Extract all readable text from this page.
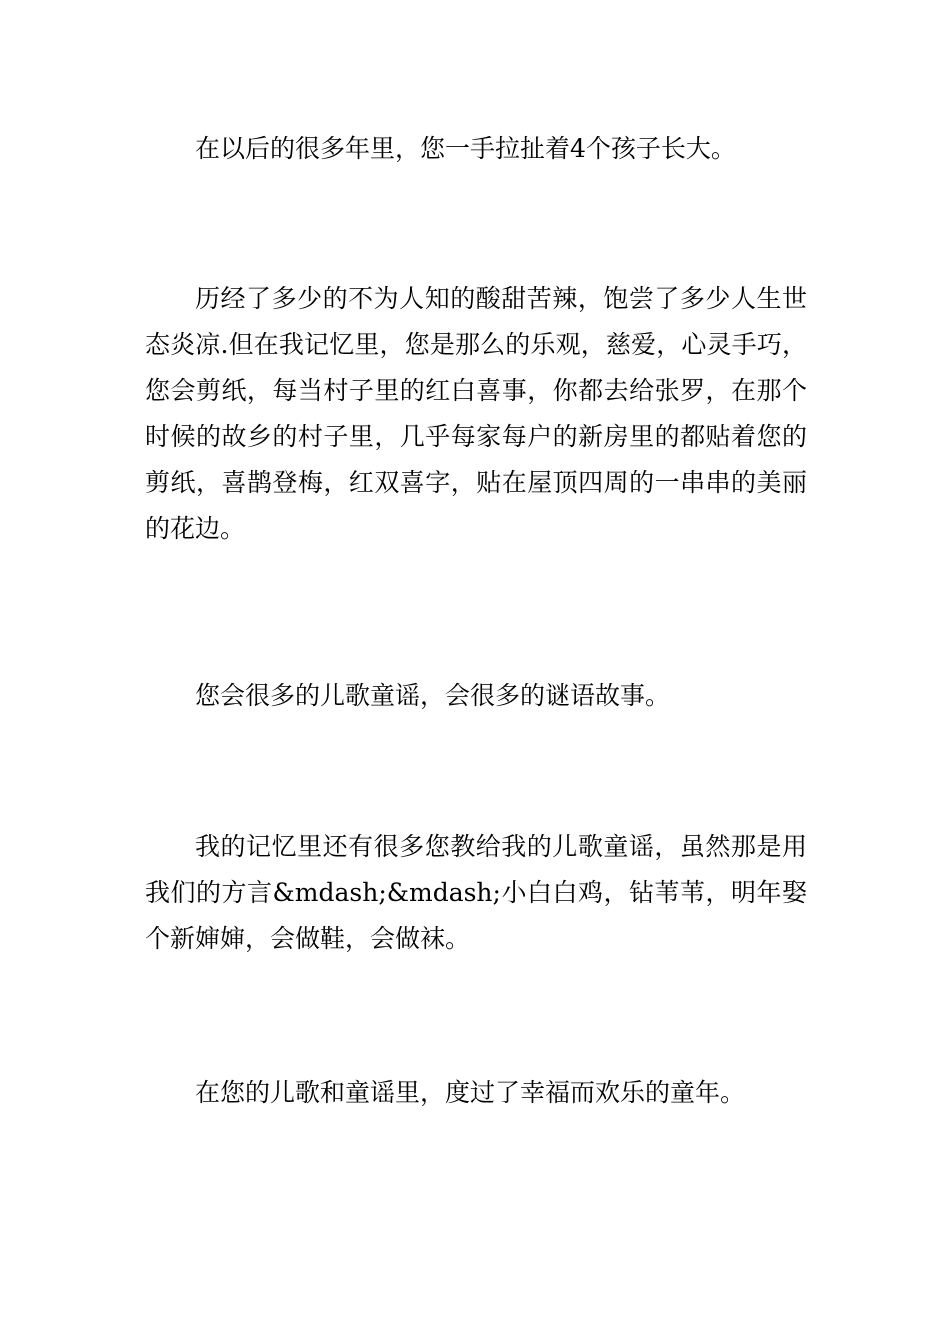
在以后的很多年里，您一手拉扯着4个孩子长大。

历经了多少的不为人知的酸甜苦辣，饱尝了多少人生世态炎凉.但在我记忆里，您是那么的乐观，慈爱，心灵手巧，您会剪纸，每当村子里的红白喜事，你都去给张罗，在那个时候的故乡的村子里，几乎每家每户的新房里的都贴着您的剪纸，喜鹊登梅，红双喜字，贴在屋顶四周的一串串的美丽的花边。

您会很多的儿歌童谣，会很多的谜语故事。

我的记忆里还有很多您教给我的儿歌童谣，虽然那是用我们的方言&mdash;&mdash;小白白鸡，钻苇苇，明年娶个新婶婶，会做鞋，会做袜。

在您的儿歌和童谣里，度过了幸福而欢乐的童年。
